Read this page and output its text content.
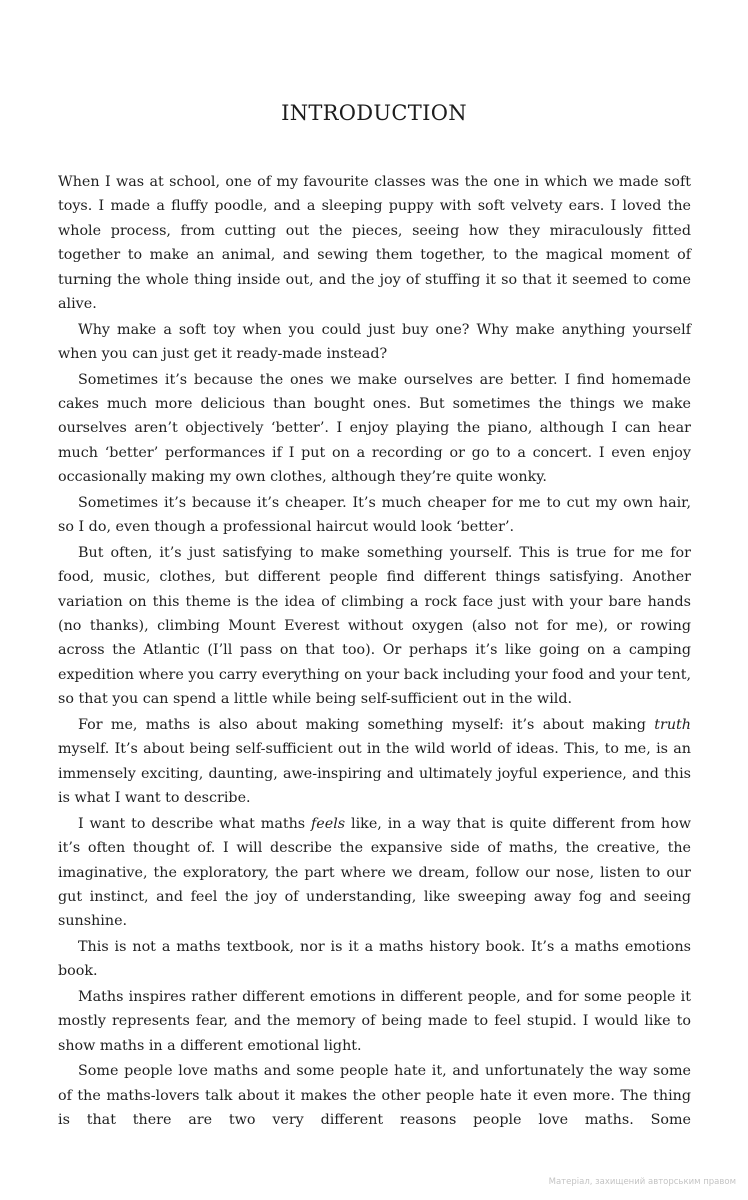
INTRODUCTION

When I was at school, one of my favourite classes was the one in which we made soft toys. I made a fluffy poodle, and a sleeping puppy with soft velvety ears. I loved the whole process, from cutting out the pieces, seeing how they miraculously fitted together to make an animal, and sewing them together, to the magical moment of turning the whole thing inside out, and the joy of stuffing it so that it seemed to come alive.

Why make a soft toy when you could just buy one? Why make anything yourself when you can just get it ready-made instead?

Sometimes it’s because the ones we make ourselves are better. I find homemade cakes much more delicious than bought ones. But sometimes the things we make ourselves aren’t objectively ‘better’. I enjoy playing the piano, although I can hear much ‘better’ performances if I put on a recording or go to a concert. I even enjoy occasionally making my own clothes, although they’re quite wonky.

Sometimes it’s because it’s cheaper. It’s much cheaper for me to cut my own hair, so I do, even though a professional haircut would look ‘better’.

But often, it’s just satisfying to make something yourself. This is true for me for food, music, clothes, but different people find different things satisfying. Another variation on this theme is the idea of climbing a rock face just with your bare hands (no thanks), climbing Mount Everest without oxygen (also not for me), or rowing across the Atlantic (I’ll pass on that too). Or perhaps it’s like going on a camping expedition where you carry everything on your back including your food and your tent, so that you can spend a little while being self-sufficient out in the wild.

For me, maths is also about making something myself: it’s about making truth myself. It’s about being self-sufficient out in the wild world of ideas. This, to me, is an immensely exciting, daunting, awe-inspiring and ultimately joyful experience, and this is what I want to describe.

I want to describe what maths feels like, in a way that is quite different from how it’s often thought of. I will describe the expansive side of maths, the creative, the imaginative, the exploratory, the part where we dream, follow our nose, listen to our gut instinct, and feel the joy of understanding, like sweeping away fog and seeing sunshine.

This is not a maths textbook, nor is it a maths history book. It’s a maths emotions book.

Maths inspires rather different emotions in different people, and for some people it mostly represents fear, and the memory of being made to feel stupid. I would like to show maths in a different emotional light.

Some people love maths and some people hate it, and unfortunately the way some of the maths-lovers talk about it makes the other people hate it even more. The thing is that there are two very different reasons people love maths. Some

Матеріал, захищений авторським правом
